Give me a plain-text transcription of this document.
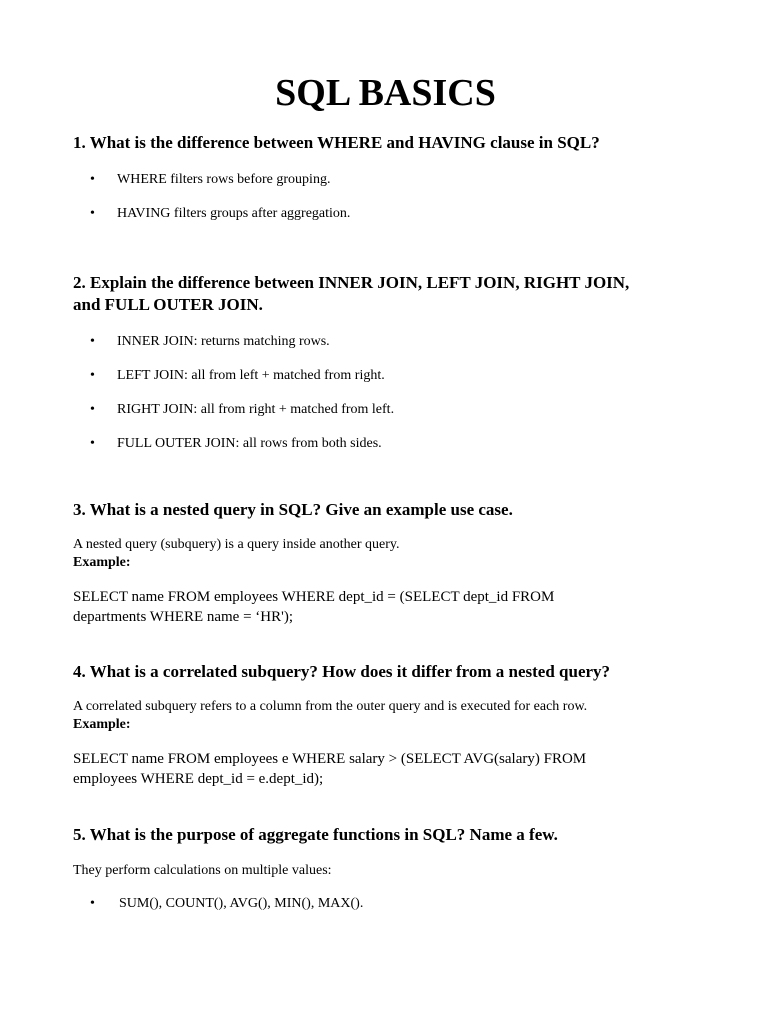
SQL BASICS

1. What is the difference between WHERE and HAVING clause in SQL?

• WHERE filters rows before grouping.
• HAVING filters groups after aggregation.

2. Explain the difference between INNER JOIN, LEFT JOIN, RIGHT JOIN,
and FULL OUTER JOIN.

• INNER JOIN: returns matching rows.
• LEFT JOIN: all from left + matched from right.
• RIGHT JOIN: all from right + matched from left.
• FULL OUTER JOIN: all rows from both sides.

3. What is a nested query in SQL? Give an example use case.

A nested query (subquery) is a query inside another query.

Example:

SELECT name FROM employees WHERE dept_id = (SELECT dept_id FROM
departments WHERE name = ‘HR');

4. What is a correlated subquery? How does it differ from a nested query?

A correlated subquery refers to a column from the outer query and is executed for each row.

Example:

SELECT name FROM employees e WHERE salary > (SELECT AVG(salary) FROM
employees WHERE dept_id = e.dept_id);

5. What is the purpose of aggregate functions in SQL? Name a few.

They perform calculations on multiple values:

• SUM(), COUNT(), AVG(), MIN(), MAX().
